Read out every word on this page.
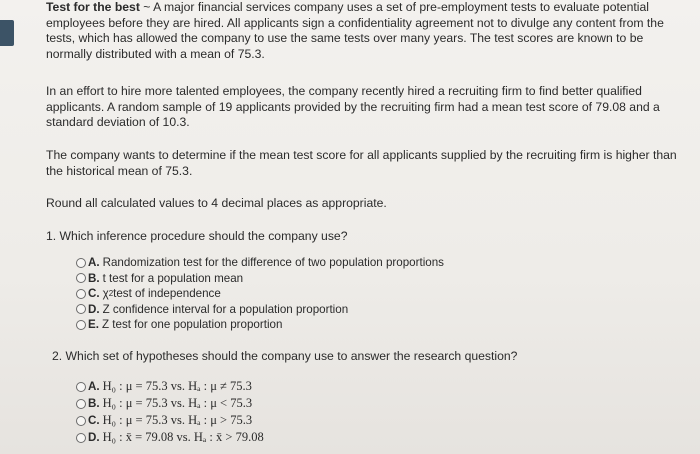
Test for the best ~ A major financial services company uses a set of pre-employment tests to evaluate potential employees before they are hired. All applicants sign a confidentiality agreement not to divulge any content from the tests, which has allowed the company to use the same tests over many years. The test scores are known to be normally distributed with a mean of 75.3.

In an effort to hire more talented employees, the company recently hired a recruiting firm to find better qualified applicants. A random sample of 19 applicants provided by the recruiting firm had a mean test score of 79.08 and a standard deviation of 10.3.

The company wants to determine if the mean test score for all applicants supplied by the recruiting firm is higher than the historical mean of 75.3.

Round all calculated values to 4 decimal places as appropriate.

1. Which inference procedure should the company use?

A. Randomization test for the difference of two population proportions
B. t test for a population mean
C. χ 2 test of independence
D. Z confidence interval for a population proportion
E. Z test for one population proportion

2. Which set of hypotheses should the company use to answer the research question?

A. H₀ : μ = 75.3 vs. Hₐ : μ ≠ 75.3
B. H₀ : μ = 75.3 vs. Hₐ : μ < 75.3
C. H₀ : μ = 75.3 vs. Hₐ : μ > 75.3
D. H₀ : x̄ = 79.08 vs. Hₐ : x̄ > 79.08
